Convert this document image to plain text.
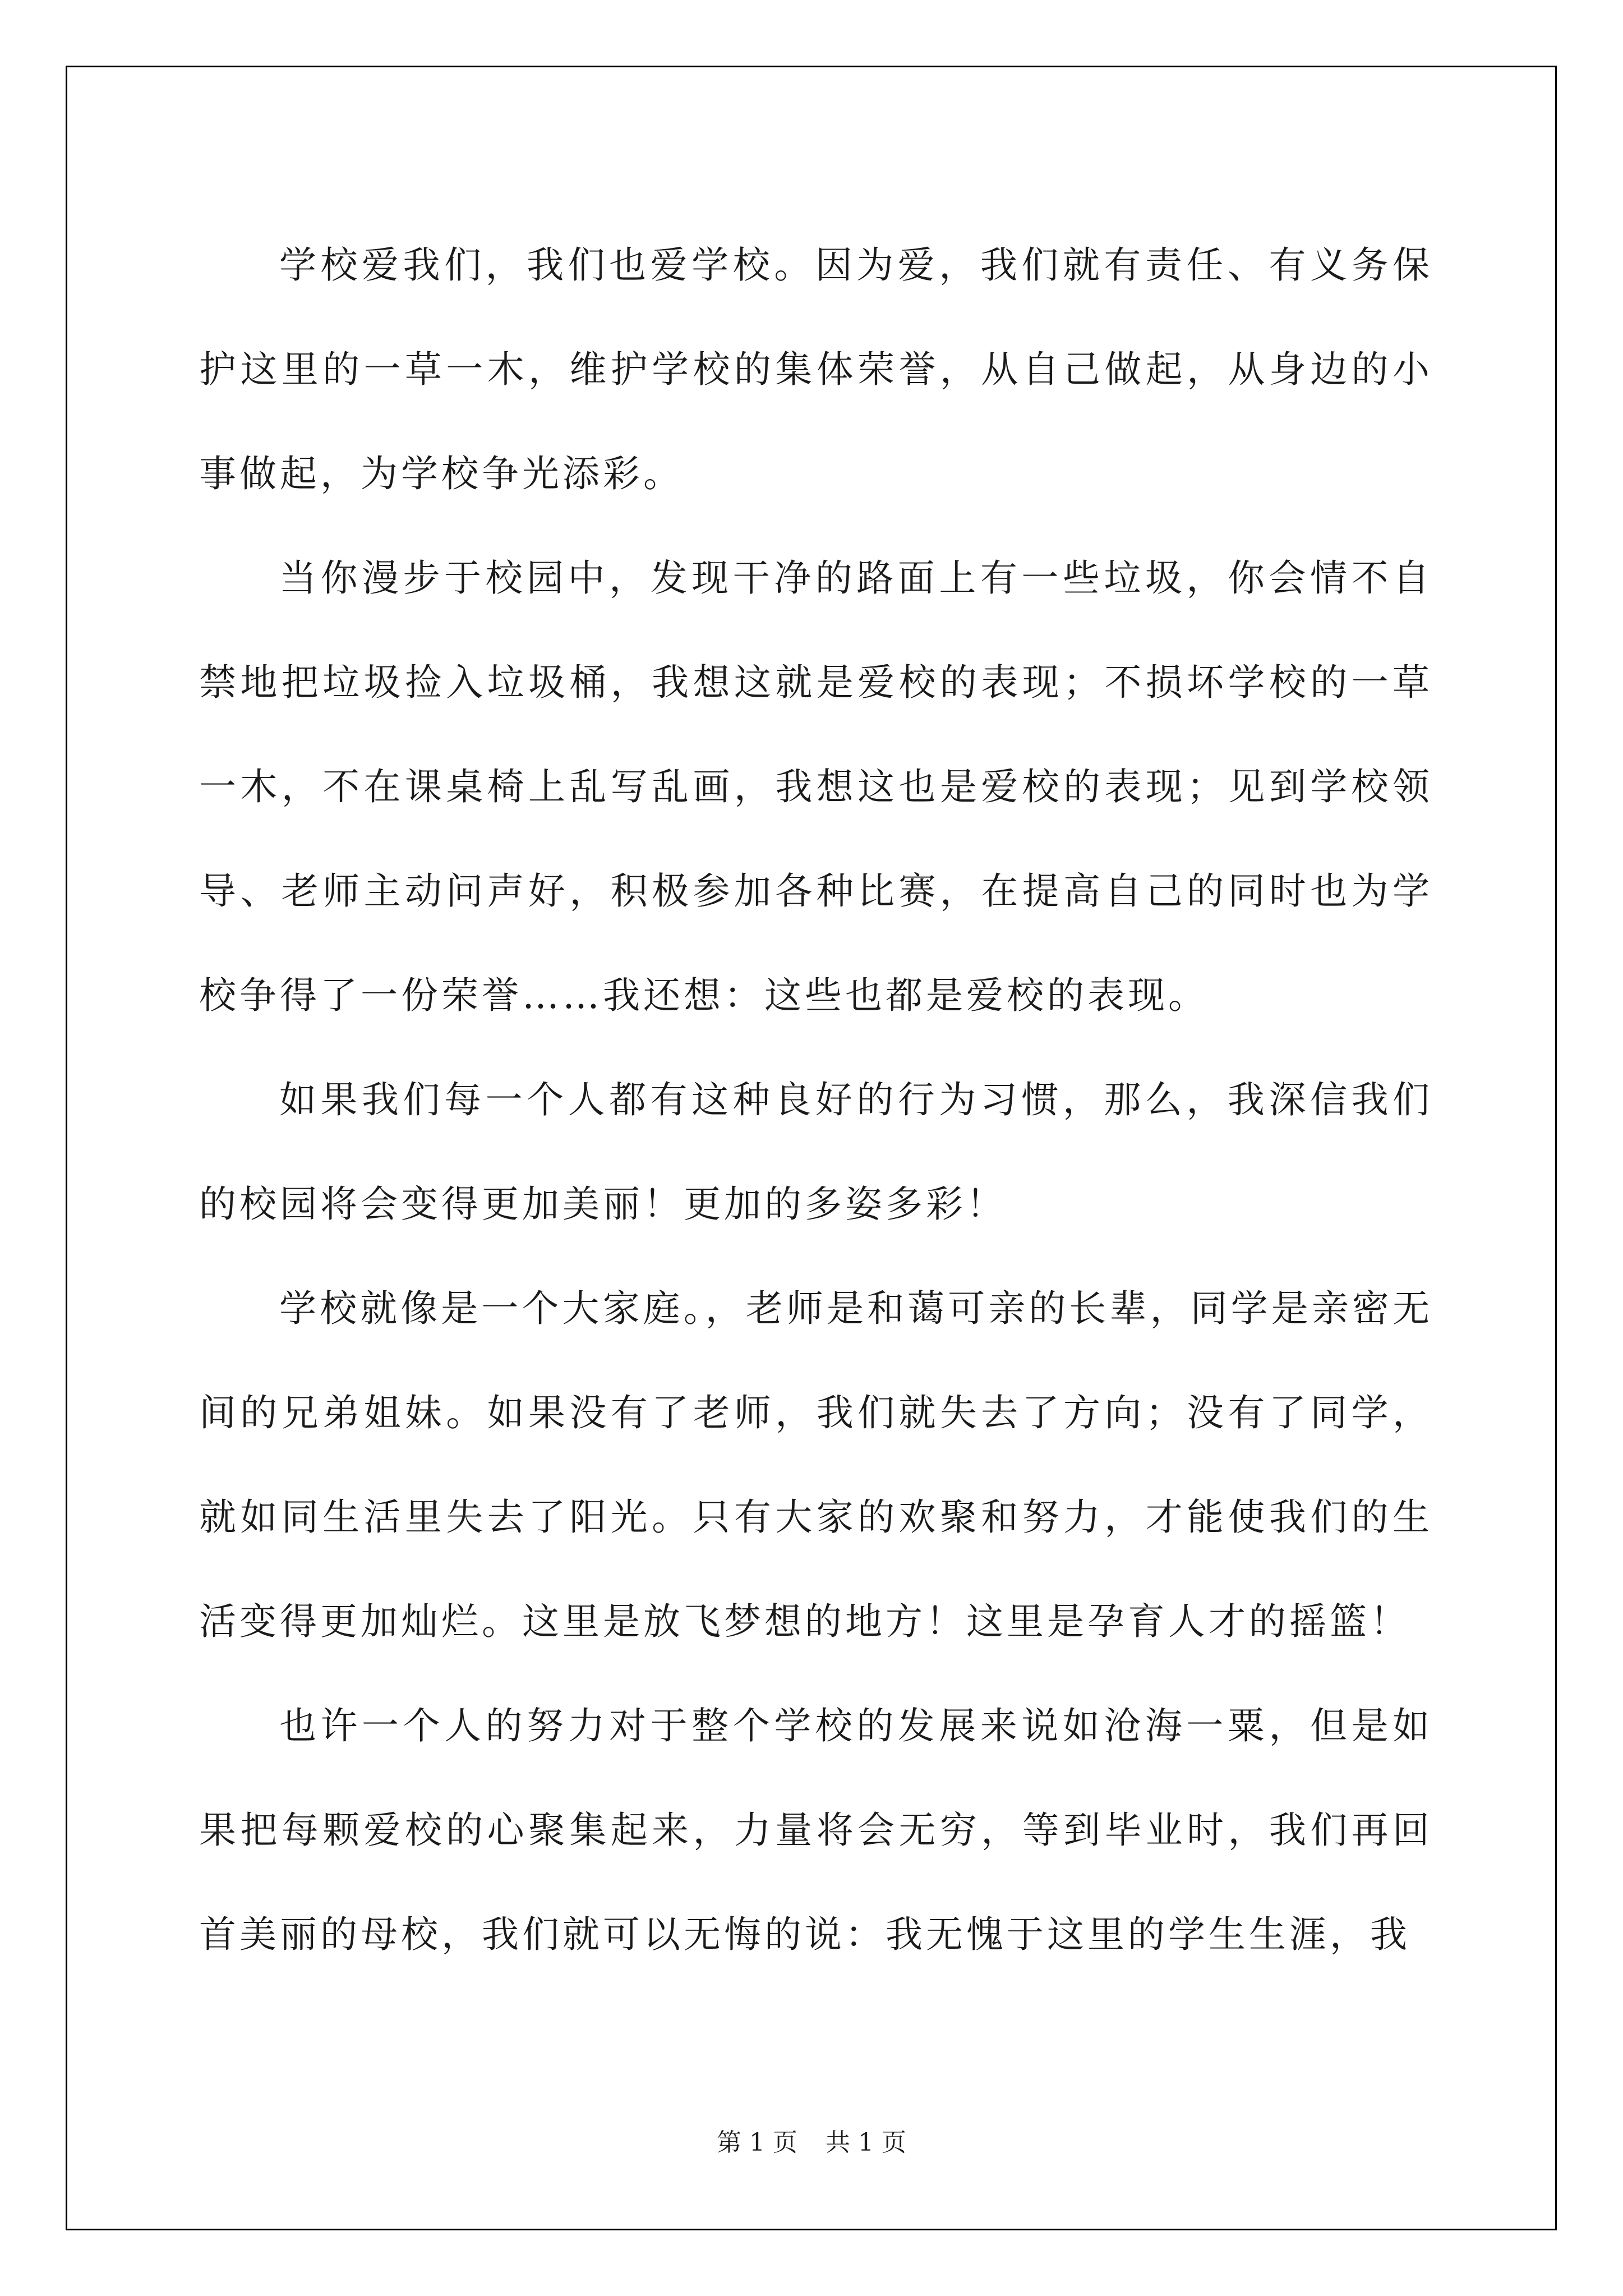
学校爱我们，我们也爱学校。因为爱，我们就有责任、有义务保护这里的一草一木，维护学校的集体荣誉，从自己做起，从身边的小事做起，为学校争光添彩。

当你漫步于校园中，发现干净的路面上有一些垃圾，你会情不自禁地把垃圾捡入垃圾桶，我想这就是爱校的表现；不损坏学校的一草一木，不在课桌椅上乱写乱画，我想这也是爱校的表现；见到学校领导、老师主动问声好，积极参加各种比赛，在提高自己的同时也为学校争得了一份荣誉……我还想：这些也都是爱校的表现。

如果我们每一个人都有这种良好的行为习惯，那么，我深信我们的校园将会变得更加美丽！更加的多姿多彩！

学校就像是一个大家庭。，老师是和蔼可亲的长辈，同学是亲密无间的兄弟姐妹。如果没有了老师，我们就失去了方向；没有了同学，就如同生活里失去了阳光。只有大家的欢聚和努力，才能使我们的生活变得更加灿烂。这里是放飞梦想的地方！这里是孕育人才的摇篮！

也许一个人的努力对于整个学校的发展来说如沧海一粟，但是如果把每颗爱校的心聚集起来，力量将会无穷，等到毕业时，我们再回首美丽的母校，我们就可以无悔的说：我无愧于这里的学生生涯，我

第 1 页 共 1 页
